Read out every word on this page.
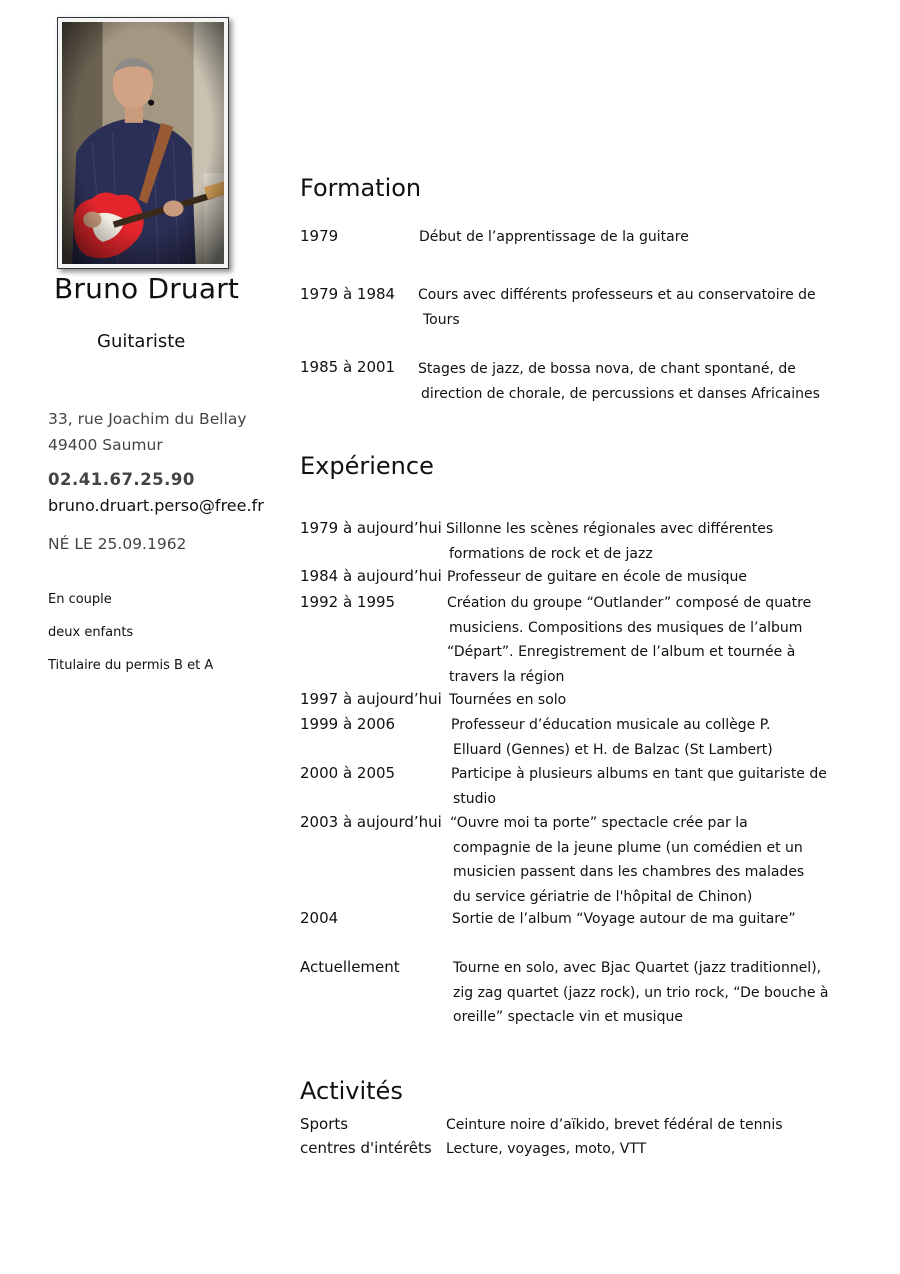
Bruno Druart
Guitariste
33, rue Joachim du Bellay
49400 Saumur
02.41.67.25.90
bruno.druart.perso@free.fr
NÉ LE 25.09.1962
En couple
deux enfants
Titulaire du permis B et A
Formation
1979	Début de l’apprentissage de la guitare
1979 à 1984 Cours avec différents professeurs et au conservatoire de
Tours
1985 à 2001 Stages de jazz, de bossa nova, de chant spontané, de
direction de chorale, de percussions et danses Africaines
Expérience
1979 à aujourd’hui Sillonne les scènes régionales avec différentes
formations de rock et de jazz
1984 à aujourd’hui Professeur de guitare en école de musique
1992 à 1995	Création du groupe “Outlander” composé de quatre
musiciens. Compositions des musiques de l’album
“Départ”. Enregistrement de l’album et tournée à
travers la région
1997 à aujourd’hui Tournées en solo
1999 à 2006	Professeur d’éducation musicale au collège P.
Elluard (Gennes) et H. de Balzac (St Lambert)
2000 à 2005	Participe à plusieurs albums en tant que guitariste de
studio
2003 à aujourd’hui “Ouvre moi ta porte” spectacle crée par la
compagnie de la jeune plume (un comédien et un
musicien passent dans les chambres des malades
du service gériatrie de l'hôpital de Chinon)
2004	Sortie de l’album “Voyage autour de ma guitare”
Actuellement	Tourne en solo, avec Bjac Quartet (jazz traditionnel),
zig zag quartet (jazz rock), un trio rock, “De bouche à
oreille” spectacle vin et musique
Activités
Sports	Ceinture noire d’aïkido, brevet fédéral de tennis
centres d'intérêts Lecture, voyages, moto, VTT
